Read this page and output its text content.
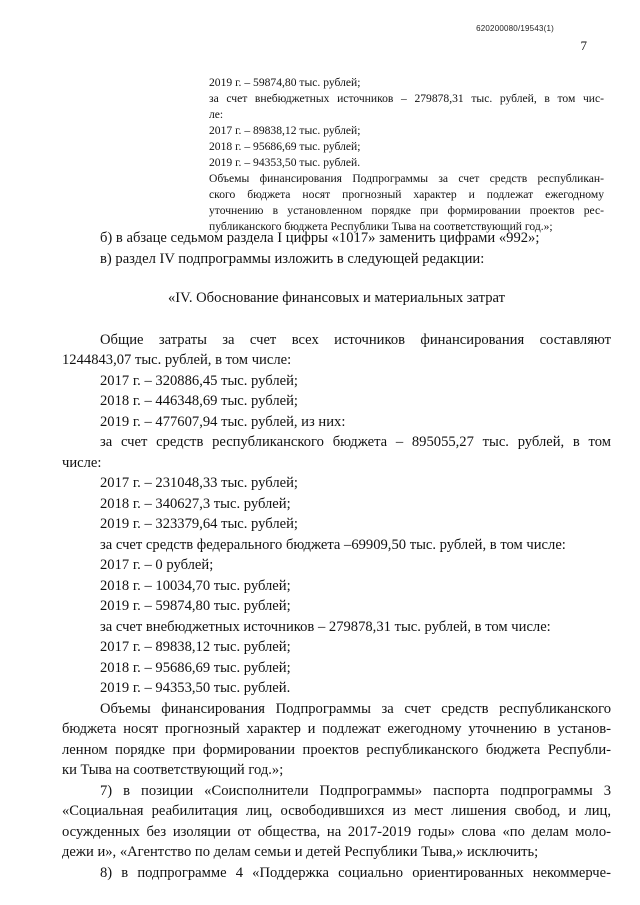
620200080/19543(1)
7

2019 г. – 59874,80 тыс. рублей;

за счет внебюджетных источников – 279878,31 тыс. рублей, в том чис-

ле:

2017 г. – 89838,12 тыс. рублей;

2018 г. – 95686,69 тыс. рублей;

2019 г. – 94353,50 тыс. рублей.

Объемы финансирования Подпрограммы за счет средств республикан-

ского бюджета носят прогнозный характер и подлежат ежегодному

уточнению в установленном порядке при формировании проектов рес-

публиканского бюджета Республики Тыва на соответствующий год.»;

б) в абзаце седьмом раздела I цифры «1017» заменить цифрами «992»;

в) раздел IV подпрограммы изложить в следующей редакции:

«IV. Обоснование финансовых и материальных затрат

Общие затраты за счет всех источников финансирования составляют

1244843,07 тыс. рублей, в том числе:

2017 г. – 320886,45 тыс. рублей;

2018 г. – 446348,69 тыс. рублей;

2019 г. – 477607,94 тыс. рублей, из них:

за счет средств республиканского бюджета – 895055,27 тыс. рублей, в том

числе:

2017 г. – 231048,33 тыс. рублей;

2018 г. – 340627,3 тыс. рублей;

2019 г. – 323379,64 тыс. рублей;

за счет средств федерального бюджета –69909,50 тыс. рублей, в том числе:

2017 г. – 0 рублей;

2018 г. – 10034,70 тыс. рублей;

2019 г. – 59874,80 тыс. рублей;

за счет внебюджетных источников – 279878,31 тыс. рублей, в том числе:

2017 г. – 89838,12 тыс. рублей;

2018 г. – 95686,69 тыс. рублей;

2019 г. – 94353,50 тыс. рублей.

Объемы финансирования Подпрограммы за счет средств республиканского

бюджета носят прогнозный характер и подлежат ежегодному уточнению в установ-

ленном порядке при формировании проектов республиканского бюджета Республи-

ки Тыва на соответствующий год.»;

7) в позиции «Соисполнители Подпрограммы» паспорта подпрограммы 3

«Социальная реабилитация лиц, освободившихся из мест лишения свобод, и лиц,

осужденных без изоляции от общества, на 2017-2019 годы» слова «по делам моло-

дежи и», «Агентство по делам семьи и детей Республики Тыва,» исключить;

8) в подпрограмме 4 «Поддержка социально ориентированных некоммерче-
